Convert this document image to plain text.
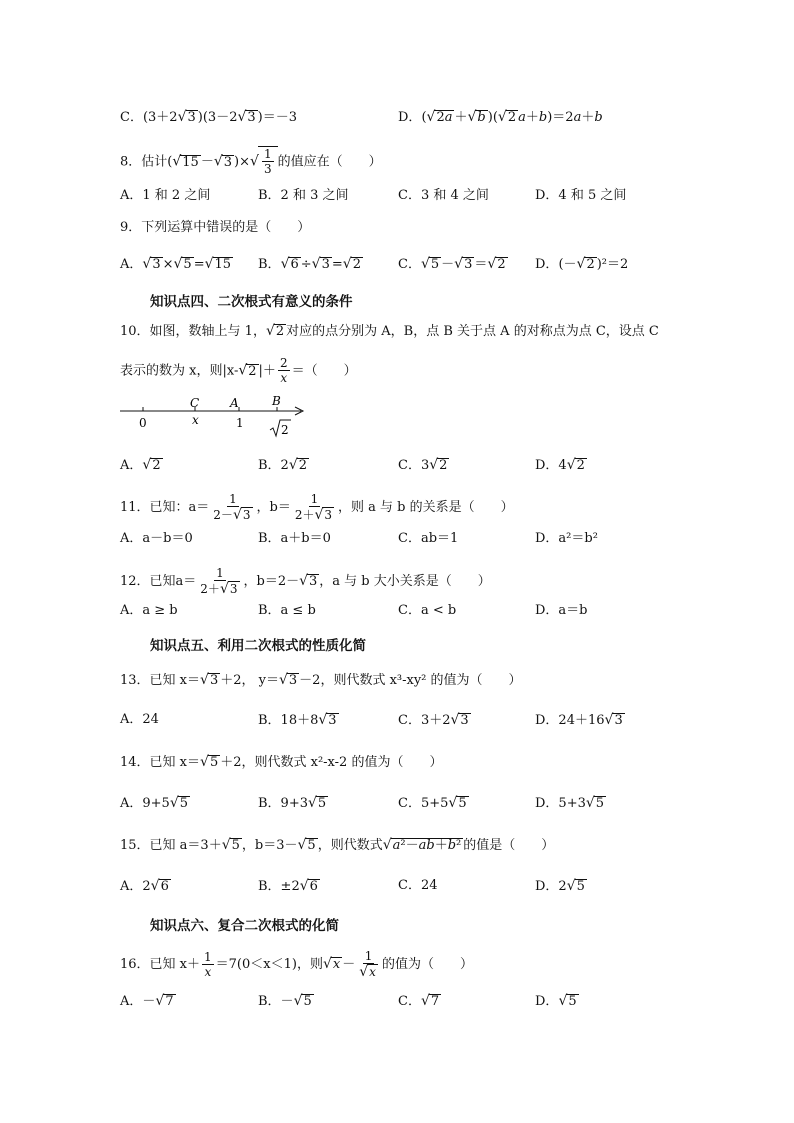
C．(3＋2√3 )(3－2√3 )＝－3	D．(√2a ＋√b )(√2 a＋b)＝2a＋b
8．估计(√15 －√3 )×√ $\frac{1}{3}$ 的值应在（　　）
A．1 和 2 之间	B．2 和 3 之间	C．3 和 4 之间	D．4 和 5 之间
9．下列运算中错误的是（　　）
A．√3 ×√5 =√15 B．√6 ÷√3 =√2	C．√5 －√3 ＝√2 D．(－√2 )²＝2
知识点四、二次根式有意义的条件
10．如图，数轴上与 1，√2 对应的点分别为 A，B，点 B 关于点 A 的对称点为点 C，设点 C
表示的数为 x，则|x-√2 |＋ $\frac{2}{x}$ ＝（　　）
C	A	B
0	x	1	2
A．√2	B．2√2	C．3√2	D．4√2
11．已知：$a= \frac{1}{2-√3}$ ，$b= \frac{1}{2+√3}$ ，则 a 与 b 的关系是（　　）
A．a－b＝0	B．a＋b＝0	C．ab＝1	D．a²＝b²
12．已知$a= \frac{1}{2+√3}$ ，b＝2－√3 ，a 与 b 大小关系是（　　）
A．a ≥ b	B．a ≤ b	C．a < b	D．a＝b
知识点五、利用二次根式的性质化简
13．已知 x＝√3 ＋2， y＝√3 －2，则代数式 x³-xy² 的值为（　　）
A．24	B．18＋8√3	C．3＋2√3	D．24＋16√3
14．已知 x＝√5 ＋2，则代数式 x²-x-2 的值为（　　）
A．9+5√5	B．9+3√5	C．5+5√5	D．5+3√5
15．已知 a＝3＋√5 ，b＝3－√5 ，则代数式√a²－ab＋b² 的值是（　　）
A．2√6	B．±2√6	C．24	D．2√5
知识点六、复合二次根式的化简
16．已知 $x+ \frac{1}{x} =7(0<x<1)$，则$√x - \frac{1}{√x}$ 的值为（　　）
A．－√7	B．－√5	C．√7	D．√5
